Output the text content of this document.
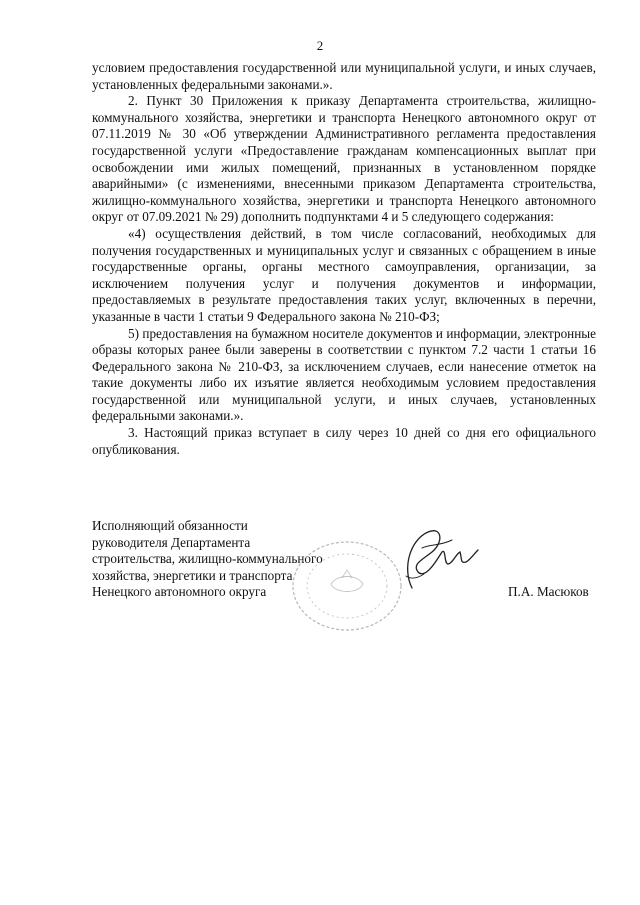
2

условием предоставления государственной или муниципальной услуги, и иных случаев, установленных федеральными законами.».

2. Пункт 30 Приложения к приказу Департамента строительства, жилищно-коммунального хозяйства, энергетики и транспорта Ненецкого автономного округ от 07.11.2019 № 30 «Об утверждении Административного регламента предоставления государственной услуги «Предоставление гражданам компенсационных выплат при освобождении ими жилых помещений, признанных в установленном порядке аварийными» (с изменениями, внесенными приказом Департамента строительства, жилищно-коммунального хозяйства, энергетики и транспорта Ненецкого автономного округ от 07.09.2021 № 29) дополнить подпунктами 4 и 5 следующего содержания:

«4) осуществления действий, в том числе согласований, необходимых для получения государственных и муниципальных услуг и связанных с обращением в иные государственные органы, органы местного самоуправления, организации, за исключением получения услуг и получения документов и информации, предоставляемых в результате предоставления таких услуг, включенных в перечни, указанные в части 1 статьи 9 Федерального закона № 210-ФЗ;

5) предоставления на бумажном носителе документов и информации, электронные образы которых ранее были заверены в соответствии с пунктом 7.2 части 1 статьи 16 Федерального закона № 210-ФЗ, за исключением случаев, если нанесение отметок на такие документы либо их изъятие является необходимым условием предоставления государственной или муниципальной услуги, и иных случаев, установленных федеральными законами.».

3. Настоящий приказ вступает в силу через 10 дней со дня его официального опубликования.

Исполняющий обязанности
руководителя Департамента
строительства, жилищно-коммунального
хозяйства, энергетики и транспорта
Ненецкого автономного округа	П.А. Масюков
